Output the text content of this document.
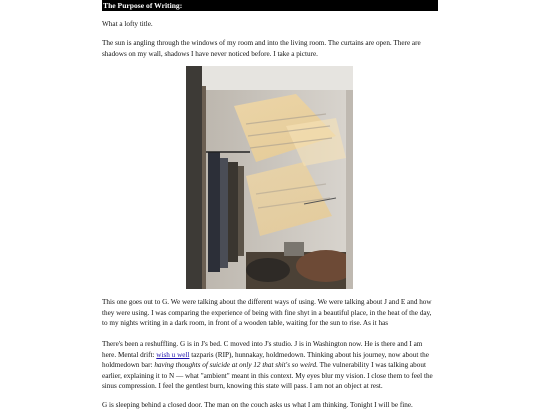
The Purpose of Writing:

What a lofty title.

The sun is angling through the windows of my room and into the living room. The curtains are open. There are shadows on my wall, shadows I have never noticed before. I take a picture.

This one goes out to G. We were talking about the different ways of using. We were talking about J and E and how they were using. I was comparing the experience of being with fine shyt in a beautiful place, in the heat of the day, to my nights writing in a dark room, in front of a wooden table, waiting for the sun to rise. As it has

There's been a reshuffling. G is in J's bed. C moved into J's studio. J is in Washington now. He is there and I am here. Mental drift: wish u well tazparis (RIP), hunnakay, holdmedown. Thinking about his journey, now about the holdmedown bar: having thoughts of suicide at only 12 that shit's so weird. The vulnerability I was talking about earlier, explaining it to N — what "ambient" meant in this context. My eyes blur my vision. I close them to feel the sinus compression. I feel the gentlest burn, knowing this state will pass. I am not an object at rest.

G is sleeping behind a closed door. The man on the couch asks us what I am thinking. Tonight I will be fine.
